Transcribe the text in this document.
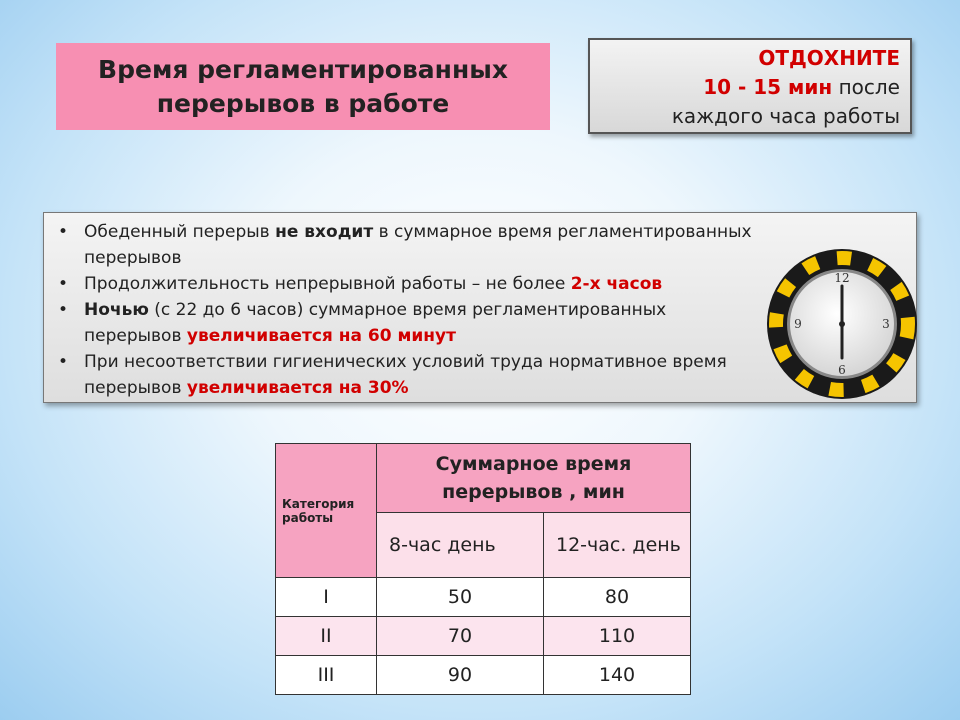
Время регламентированных
перерывов в работе
ОТДОХНИТЕ
10 - 15 мин после
каждого часа работы
• Обеденный перерыв не входит в суммарное время регламентированных перерывов
• Продолжительность непрерывной работы – не более 2-х часов
• Ночью (с 22 до 6 часов) суммарное время регламентированных перерывов увеличивается на 60 минут
• При несоответствии гигиенических условий труда нормативное время перерывов увеличивается на 30%
12
3
6
9
Категория работы	Суммарное время перерывов , мин	
	8-час день	12-час. день
I	50	80
II	70	110
III	90	140
